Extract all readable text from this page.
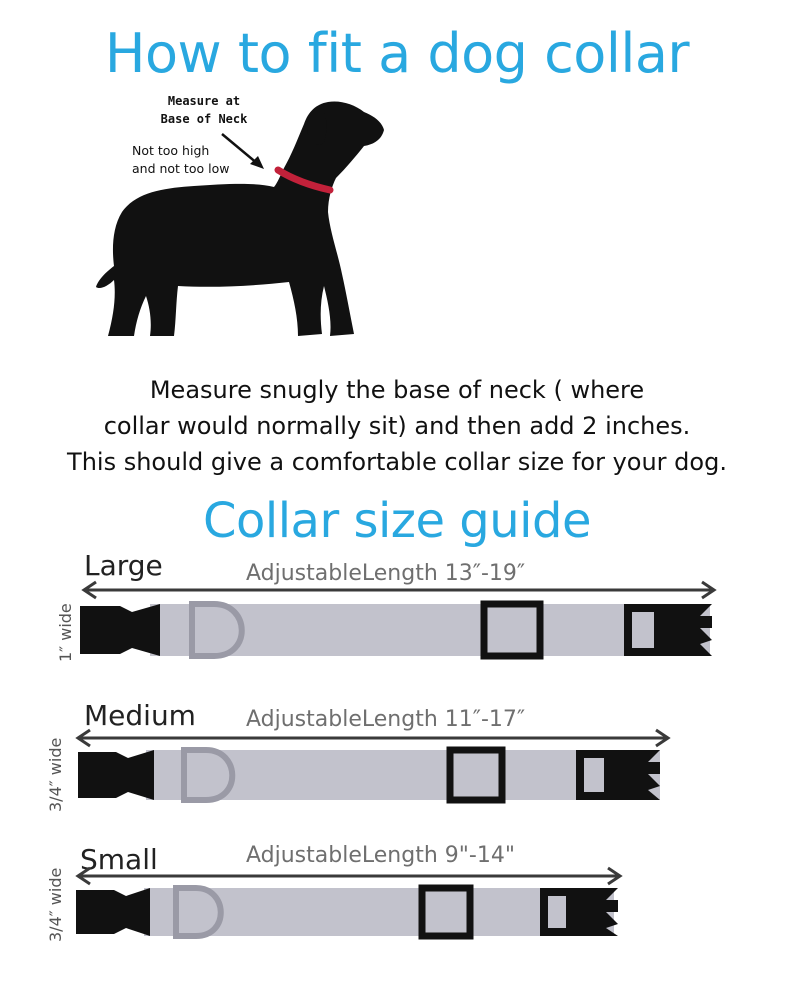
How to fit a dog collar
Measure at
Base of Neck
Not too high
and not too low
Measure snugly the base of neck ( where
collar would normally sit) and then add 2 inches.
This should give a comfortable collar size for your dog.
Collar size guide
Large	AdjustableLength 13″-19″
1″ wide
Medium AdjustableLength 11″-17″
3/4″ wide
Small	AdjustableLength 9"-14"
3/4″ wide
